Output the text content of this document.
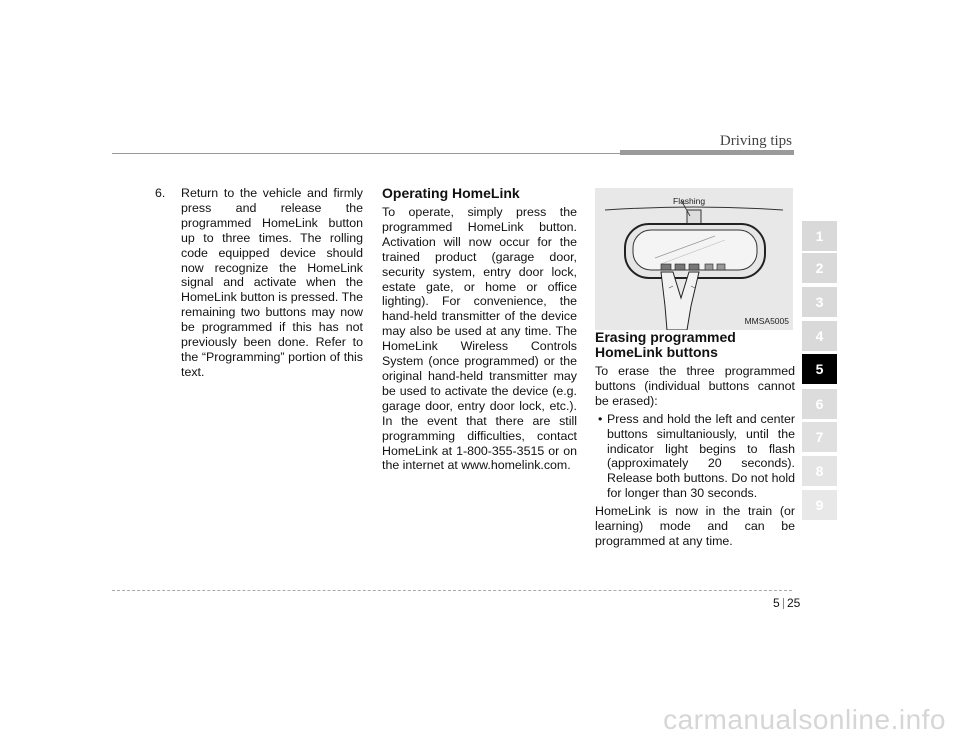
Driving tips
6.	Return to the vehicle and firmly press and release the programmed HomeLink button up to three times. The rolling code equipped device should now recognize the HomeLink signal and activate when the HomeLink button is pressed. The remaining two buttons may now be programmed if this has not previously been done. Refer to the “Programming” portion of this text.

Operating HomeLink

To operate, simply press the programmed HomeLink button. Activation will now occur for the trained product (garage door, security system, entry door lock, estate gate, or home or office lighting). For convenience, the hand-held transmitter of the device may also be used at any time. The HomeLink Wireless Controls System (once programmed) or the original hand-held transmitter may be used to activate the device (e.g. garage door, entry door lock, etc.). In the event that there are still programming difficulties, contact HomeLink at 1-800-355-3515 or on the internet at www.homelink.com.

Flashing
MMSA5005
Erasing programmed HomeLink buttons

To erase the three programmed buttons (individual buttons cannot be erased):

• Press and hold the left and center buttons simultaniously, until the indicator light begins to flash (approximately 20 seconds). Release both buttons. Do not hold for longer than 30 seconds.

HomeLink is now in the train (or learning) mode and can be programmed at any time.

1
2
3
4
5
6
7
8
9
5 25
carmanualsonline.info
